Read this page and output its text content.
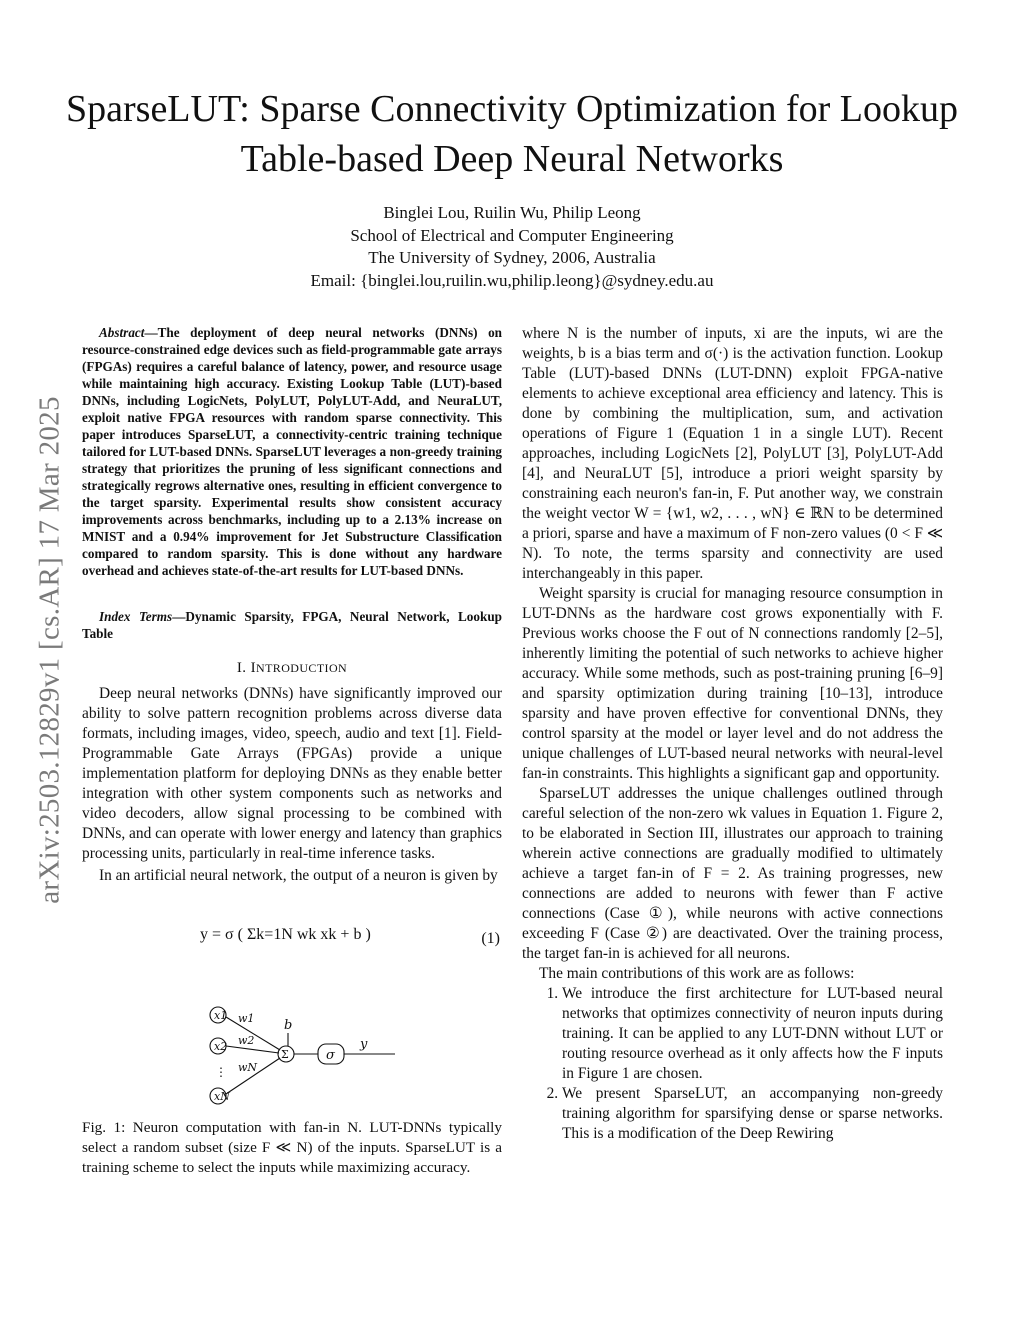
SparseLUT: Sparse Connectivity Optimization for Lookup Table-based Deep Neural Networks
Binglei Lou, Ruilin Wu, Philip Leong
School of Electrical and Computer Engineering
The University of Sydney, 2006, Australia
Email: {binglei.lou,ruilin.wu,philip.leong}@sydney.edu.au
arXiv:2503.12829v1 [cs.AR] 17 Mar 2025
Abstract—The deployment of deep neural networks (DNNs) on resource-constrained edge devices such as field-programmable gate arrays (FPGAs) requires a careful balance of latency, power, and resource usage while maintaining high accuracy. Existing Lookup Table (LUT)-based DNNs, including LogicNets, PolyLUT, PolyLUT-Add, and NeuraLUT, exploit native FPGA resources with random sparse connectivity. This paper introduces SparseLUT, a connectivity-centric training technique tailored for LUT-based DNNs. SparseLUT leverages a non-greedy training strategy that prioritizes the pruning of less significant connections and strategically regrows alternative ones, resulting in efficient convergence to the target sparsity. Experimental results show consistent accuracy improvements across benchmarks, including up to a 2.13% increase on MNIST and a 0.94% improvement for Jet Substructure Classification compared to random sparsity. This is done without any hardware overhead and achieves state-of-the-art results for LUT-based DNNs.
Index Terms—Dynamic Sparsity, FPGA, Neural Network, Lookup Table
I. INTRODUCTION

Deep neural networks (DNNs) have significantly improved our ability to solve pattern recognition problems across diverse data formats, including images, video, speech, audio and text [1]. Field-Programmable Gate Arrays (FPGAs) provide a unique implementation platform for deploying DNNs as they enable better integration with other system components such as networks and video decoders, allow signal processing to be combined with DNNs, and can operate with lower energy and latency than graphics processing units, particularly in real-time inference tasks.

In an artificial neural network, the output of a neuron is given by

y = σ ( Σk=1N wk xk + b )	(1)
x1
x2
xN
w1
w2
wN
b
y
Σ	σ
⋮
Fig. 1: Neuron computation with fan-in N. LUT-DNNs typically select a random subset (size F ≪ N) of the inputs. SparseLUT is a training scheme to select the inputs while maximizing accuracy.

where N is the number of inputs, xi are the inputs, wi are the weights, b is a bias term and σ(·) is the activation function. Lookup Table (LUT)-based DNNs (LUT-DNN) exploit FPGA-native elements to achieve exceptional area efficiency and latency. This is done by combining the multiplication, sum, and activation operations of Figure 1 (Equation 1 in a single LUT). Recent approaches, including LogicNets [2], PolyLUT [3], PolyLUT-Add [4], and NeuraLUT [5], introduce a priori weight sparsity by constraining each neuron's fan-in, F. Put another way, we constrain the weight vector W = {w1, w2, . . . , wN} ∈ ℝN to be determined a priori, sparse and have a maximum of F non-zero values (0 < F ≪ N). To note, the terms sparsity and connectivity are used interchangeably in this paper.

Weight sparsity is crucial for managing resource consumption in LUT-DNNs as the hardware cost grows exponentially with F. Previous works choose the F out of N connections randomly [2–5], inherently limiting the potential of such networks to achieve higher accuracy. While some methods, such as post-training pruning [6–9] and sparsity optimization during training [10–13], introduce sparsity and have proven effective for conventional DNNs, they control sparsity at the model or layer level and do not address the unique challenges of LUT-based neural networks with neural-level fan-in constraints. This highlights a significant gap and opportunity.

SparseLUT addresses the unique challenges outlined through careful selection of the non-zero wk values in Equation 1. Figure 2, to be elaborated in Section III, illustrates our approach to training wherein active connections are gradually modified to ultimately achieve a target fan-in of F = 2. As training progresses, new connections are added to neurons with fewer than F active connections (Case ①), while neurons with active connections exceeding F (Case ②) are deactivated. Over the training process, the target fan-in is achieved for all neurons.

The main contributions of this work are as follows:

1. We introduce the first architecture for LUT-based neural networks that optimizes connectivity of neuron inputs during training. It can be applied to any LUT-DNN without LUT or routing resource overhead as it only affects how the F inputs in Figure 1 are chosen.
2. We present SparseLUT, an accompanying non-greedy training algorithm for sparsifying dense or sparse networks. This is a modification of the Deep Rewiring
